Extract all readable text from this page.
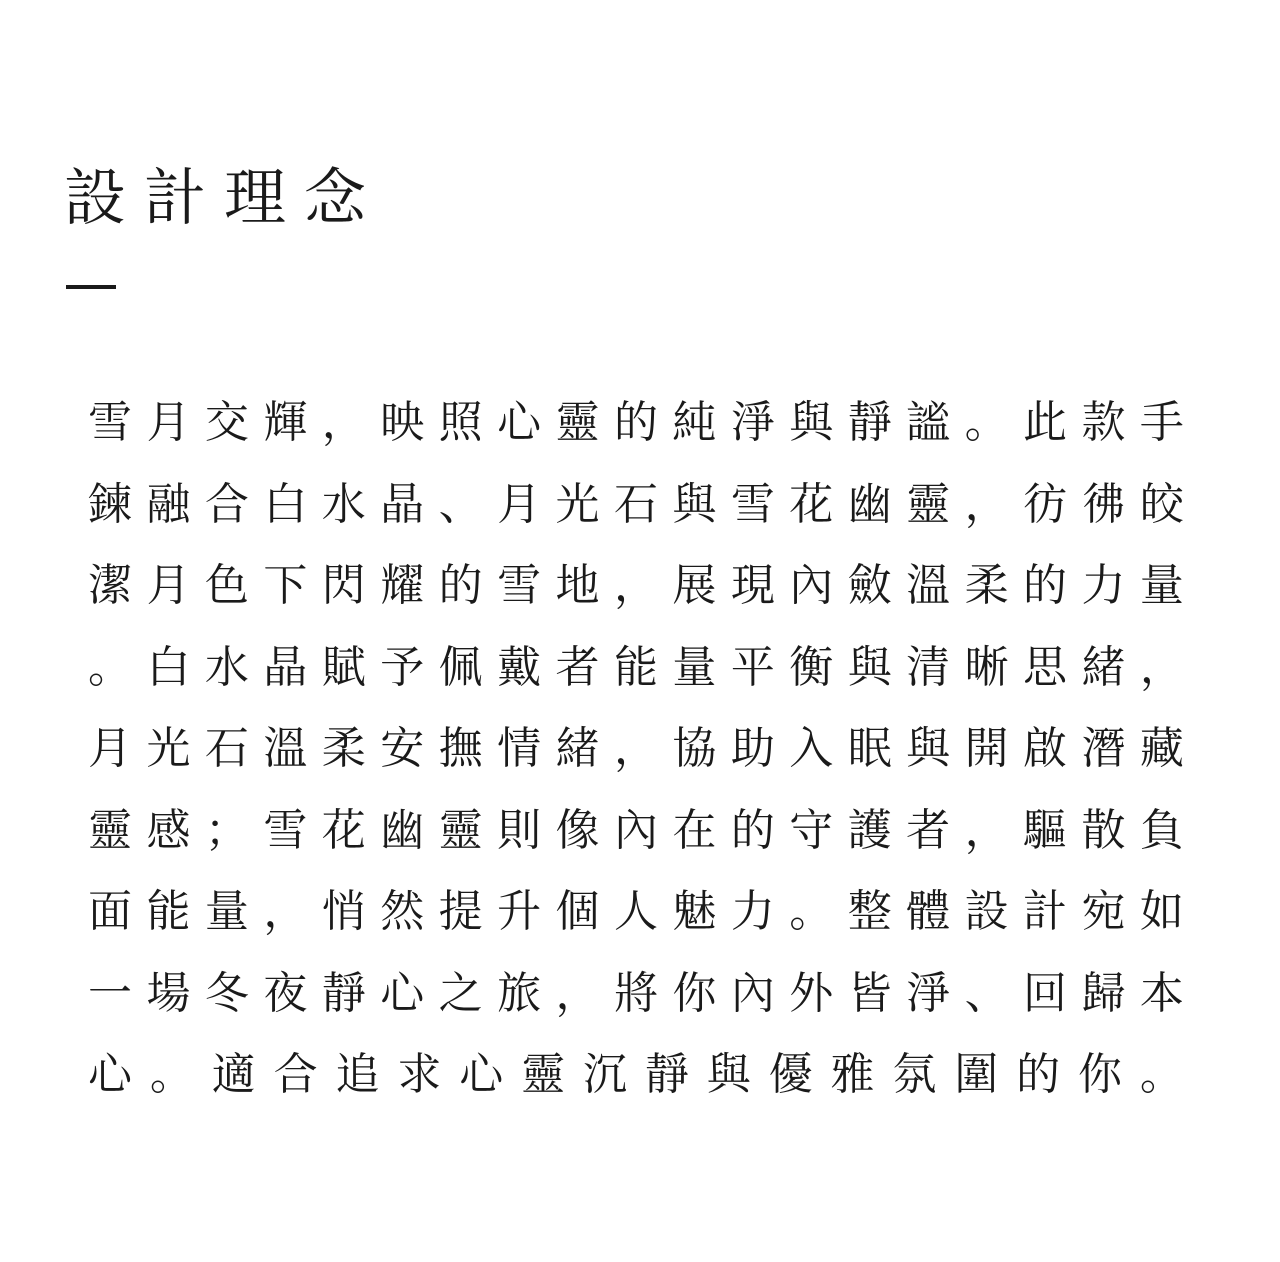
設計理念
雪 月 交 輝 ， 映 照 心 靈 的 純 淨 與 靜 謐 。 此 款 手
鍊 融 合 白 水 晶 、 月 光 石 與 雪 花 幽 靈 ， 彷 彿 皎
潔 月 色 下 閃 耀 的 雪 地 ， 展 現 內 斂 溫 柔 的 力 量
。 白 水 晶 賦 予 佩 戴 者 能 量 平 衡 與 清 晰 思 緒 ，
月 光 石 溫 柔 安 撫 情 緒 ， 協 助 入 眠 與 開 啟 潛 藏
靈 感 ； 雪 花 幽 靈 則 像 內 在 的 守 護 者 ， 驅 散 負
面 能 量 ， 悄 然 提 升 個 人 魅 力 。 整 體 設 計 宛 如
一 場 冬 夜 靜 心 之 旅 ， 將 你 內 外 皆 淨 、 回 歸 本
心 。 適 合 追 求 心 靈 沉 靜 與 優 雅 氛 圍 的 你 。
